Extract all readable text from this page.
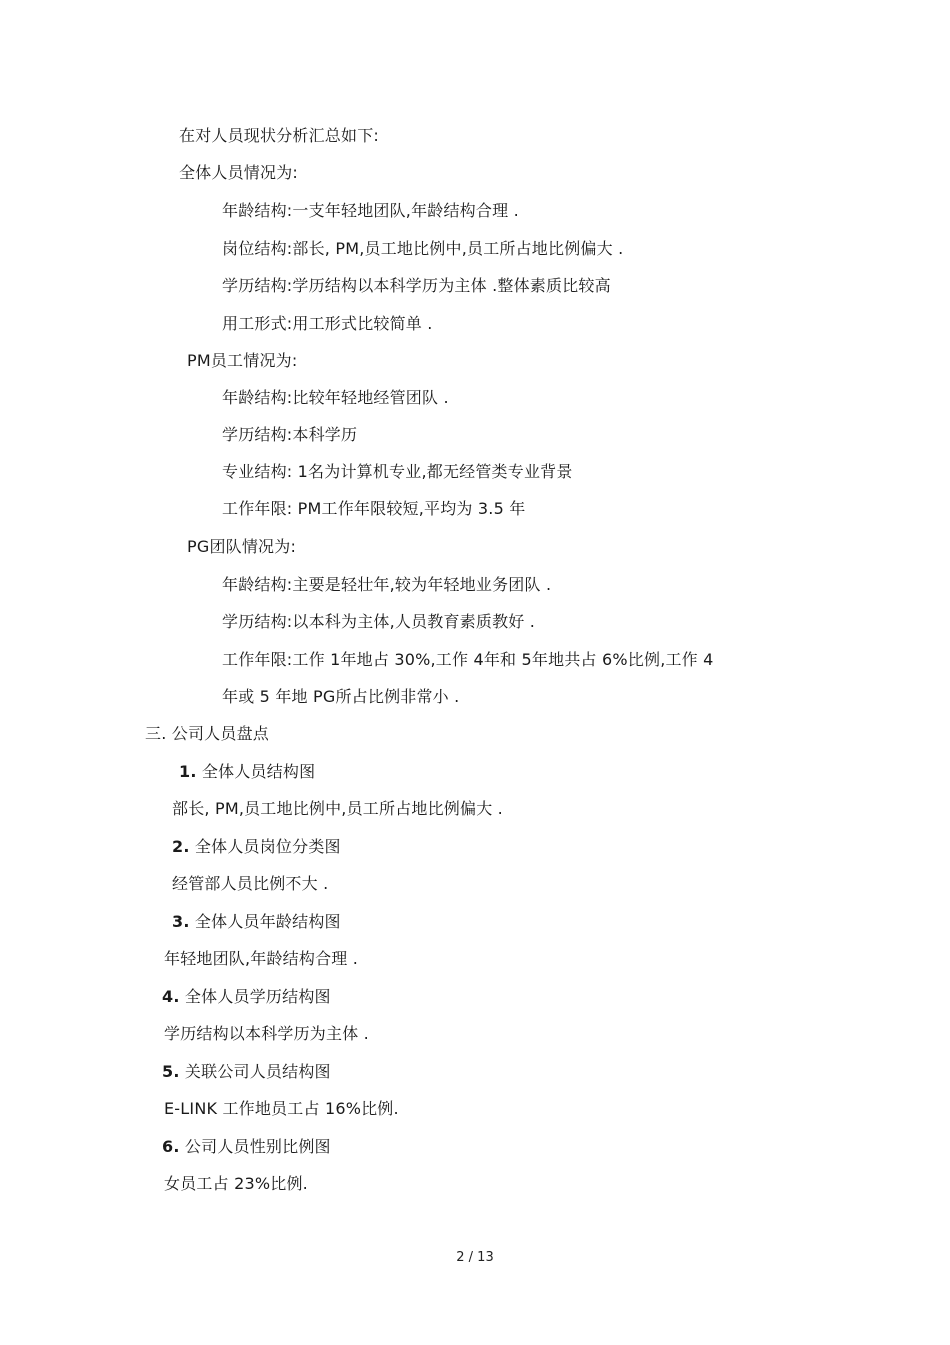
在对人员现状分析汇总如下:
全体人员情况为:
年龄结构:一支年轻地团队,年龄结构合理 .
岗位结构:部长, PM,员工地比例中,员工所占地比例偏大 .
学历结构:学历结构以本科学历为主体 .整体素质比较高
用工形式:用工形式比较简单 .
PM员工情况为:
年龄结构:比较年轻地经管团队 .
学历结构:本科学历
专业结构: 1名为计算机专业,都无经管类专业背景
工作年限: PM工作年限较短,平均为 3.5 年
PG团队情况为:
年龄结构:主要是轻壮年,较为年轻地业务团队 .
学历结构:以本科为主体,人员教育素质教好 .
工作年限:工作 1年地占 30%,工作 4年和 5年地共占 6%比例,工作 4
年或 5 年地 PG所占比例非常小 .
三. 公司人员盘点
1. 全体人员结构图
部长, PM,员工地比例中,员工所占地比例偏大 .
2. 全体人员岗位分类图
经管部人员比例不大 .
3. 全体人员年龄结构图
年轻地团队,年龄结构合理 .
4. 全体人员学历结构图
学历结构以本科学历为主体 .
5. 关联公司人员结构图
E-LINK 工作地员工占 16%比例.
6. 公司人员性别比例图
女员工占 23%比例.
2 / 13
